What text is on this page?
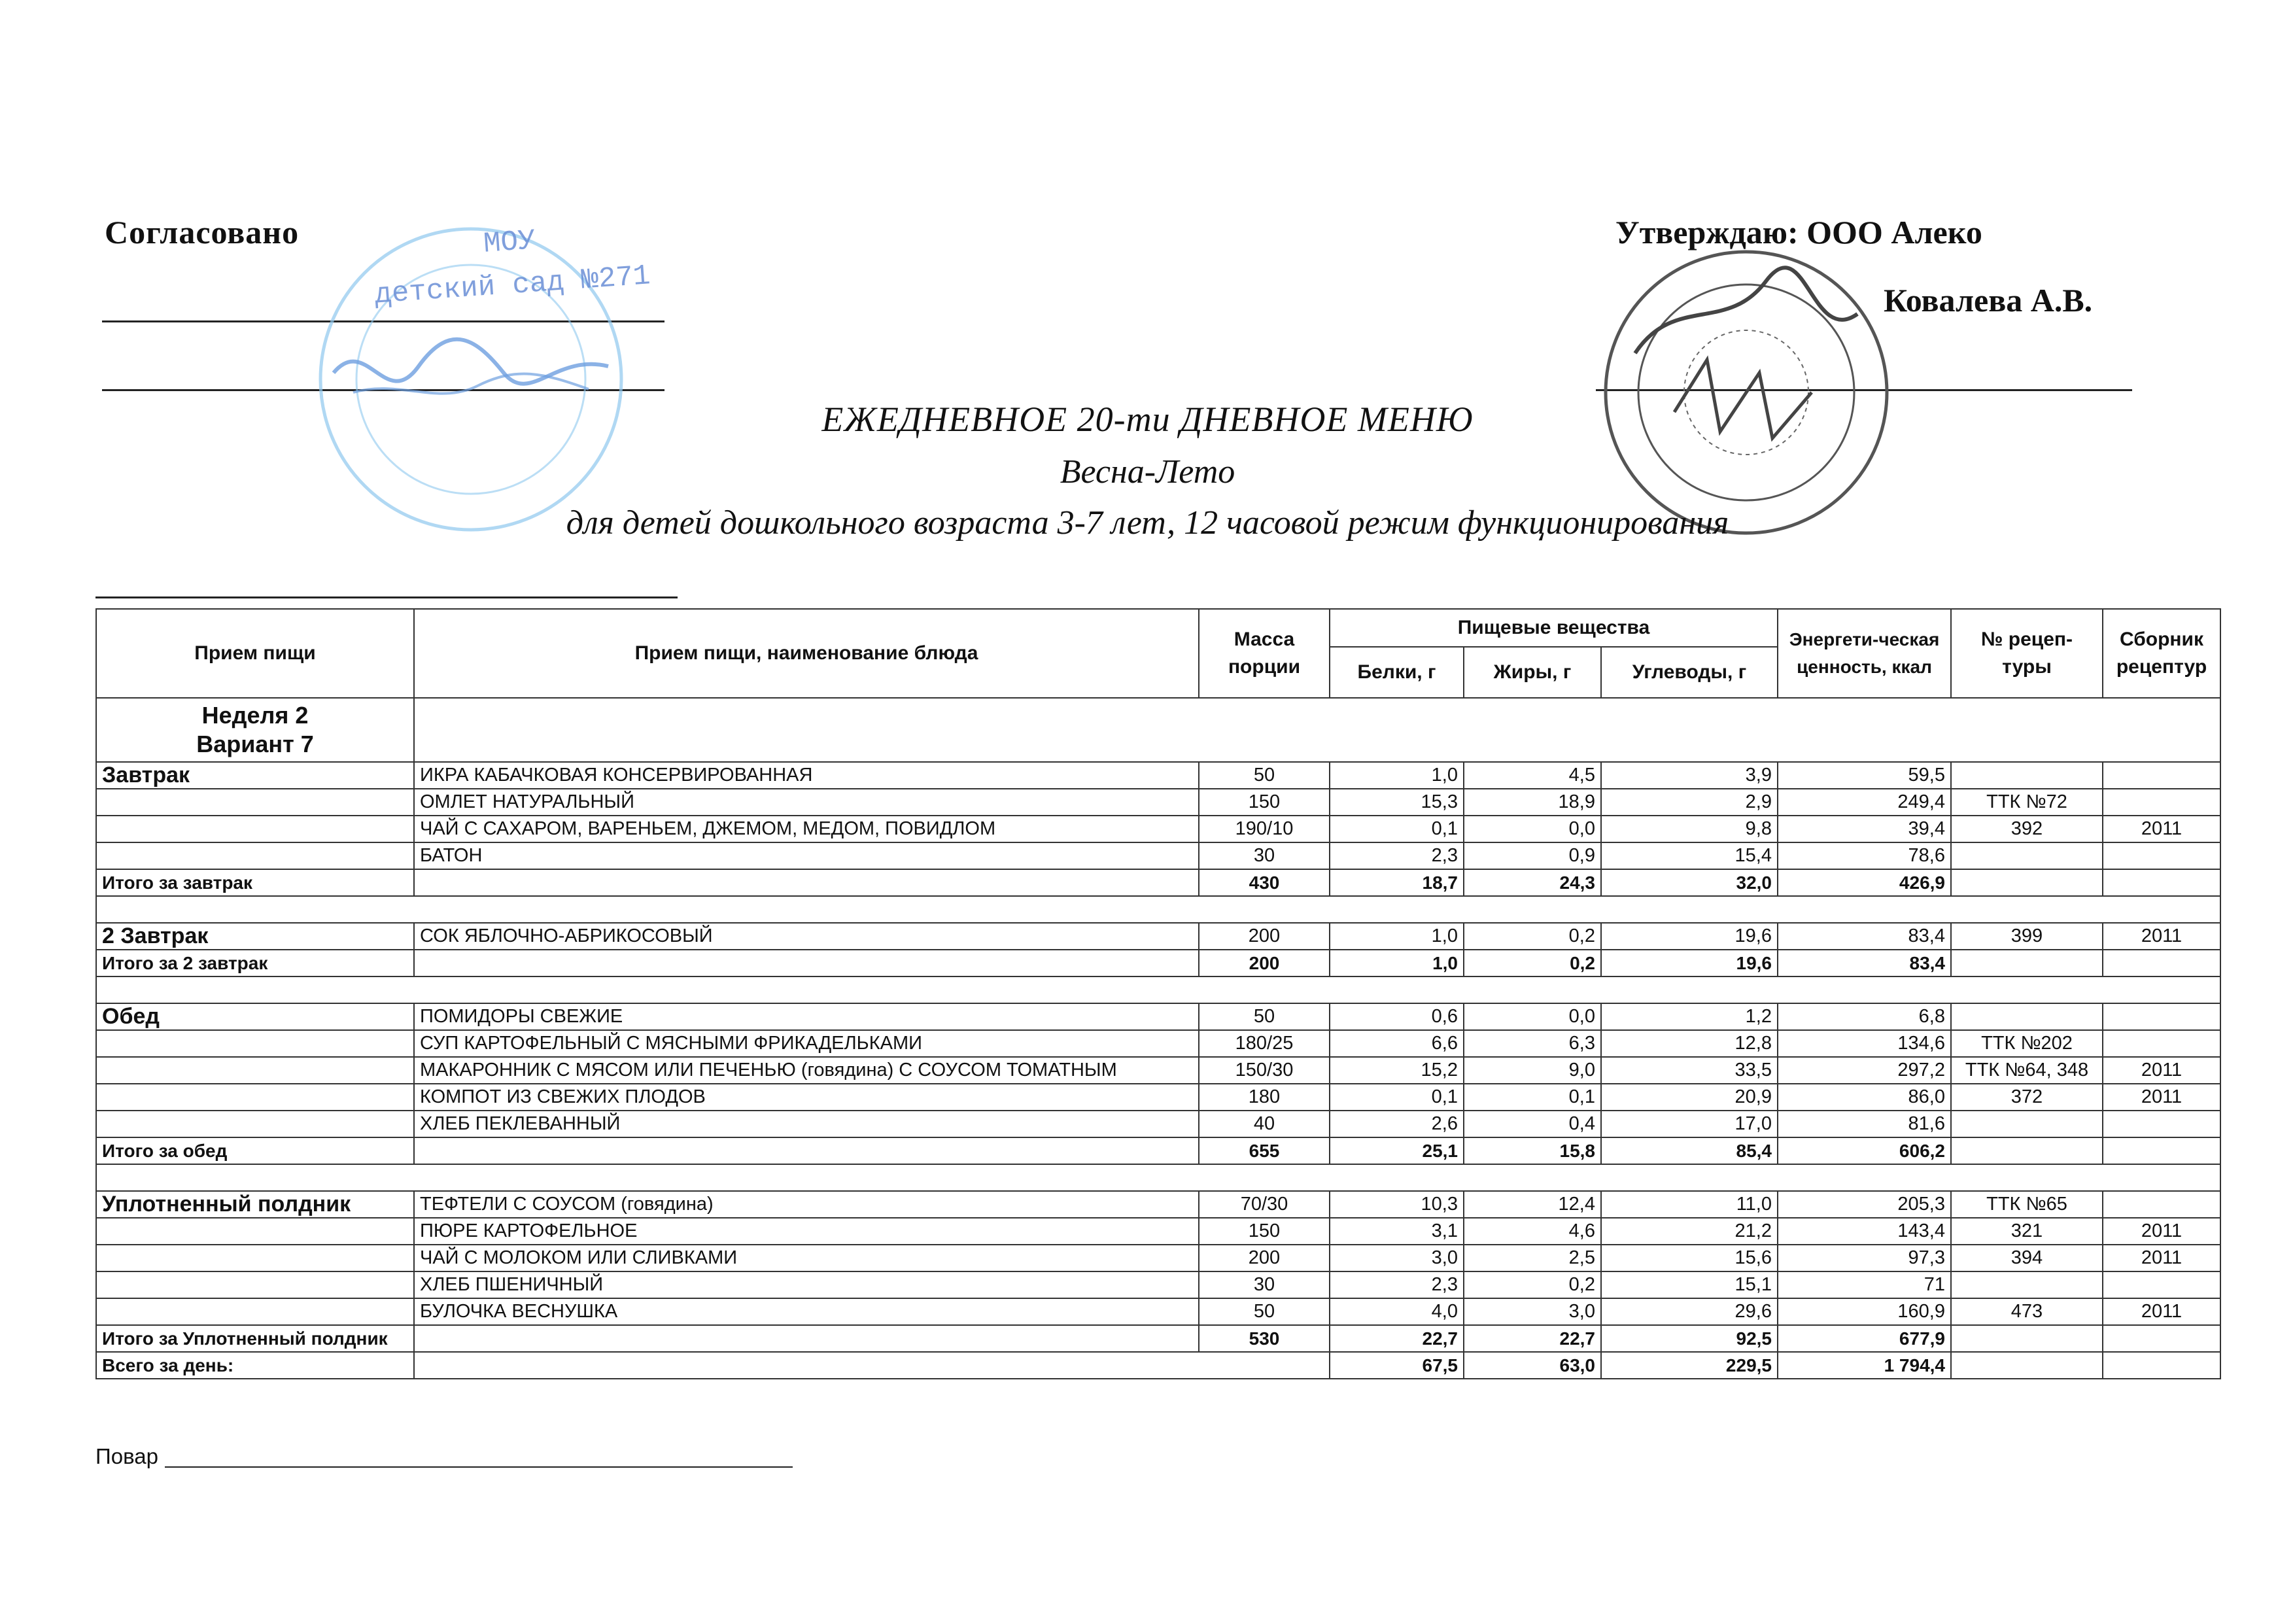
Согласовано	Утверждаю: ООО Алеко
Ковалева А.В.
МОУ
детский сад №271
ЕЖЕДНЕВНОЕ 20-ти ДНЕВНОЕ МЕНЮ
Весна-Лето
для детей дошкольного возраста 3-7 лет, 12 часовой режим функционирования
Прием пищи	Прием пищи, наименование блюда	Масса порции	Пищевые вещества			Энергети-ческая ценность, ккал	№ рецеп-туры	Сборник рецептур
			Белки, г	Жиры, г	Углеводы, г			

Неделя 2
Вариант 7								

Завтрак	ИКРА КАБАЧКОВАЯ КОНСЕРВИРОВАННАЯ	50	1,0	4,5	3,9	59,5		
	ОМЛЕТ НАТУРАЛЬНЫЙ	150	15,3	18,9	2,9	249,4	ТТК №72	
	ЧАЙ С САХАРОМ, ВАРЕНЬЕМ, ДЖЕМОМ, МЕДОМ, ПОВИДЛОМ	190/10	0,1	0,0	9,8	39,4	392	2011
	БАТОН	30	2,3	0,9	15,4	78,6		
Итого за завтрак		430	18,7	24,3	32,0	426,9		

2 Завтрак	СОК ЯБЛОЧНО-АБРИКОСОВЫЙ	200	1,0	0,2	19,6	83,4	399	2011
Итого за 2 завтрак		200	1,0	0,2	19,6	83,4		

Обед	ПОМИДОРЫ СВЕЖИЕ	50	0,6	0,0	1,2	6,8		
	СУП КАРТОФЕЛЬНЫЙ С МЯСНЫМИ ФРИКАДЕЛЬКАМИ	180/25	6,6	6,3	12,8	134,6	ТТК №202	
	МАКАРОННИК С МЯСОМ ИЛИ ПЕЧЕНЬЮ (говядина) С СОУСОМ ТОМАТНЫМ	150/30	15,2	9,0	33,5	297,2	ТТК №64, 348	2011
	КОМПОТ ИЗ СВЕЖИХ ПЛОДОВ	180	0,1	0,1	20,9	86,0	372	2011
	ХЛЕБ ПЕКЛЕВАННЫЙ	40	2,6	0,4	17,0	81,6		
Итого за обед		655	25,1	15,8	85,4	606,2		

Уплотненный полдник	ТЕФТЕЛИ С СОУСОМ (говядина)	70/30	10,3	12,4	11,0	205,3	ТТК №65	
	ПЮРЕ КАРТОФЕЛЬНОЕ	150	3,1	4,6	21,2	143,4	321	2011
	ЧАЙ С МОЛОКОМ ИЛИ СЛИВКАМИ	200	3,0	2,5	15,6	97,3	394	2011
	ХЛЕБ ПШЕНИЧНЫЙ	30	2,3	0,2	15,1	71		
	БУЛОЧКА ВЕСНУШКА	50	4,0	3,0	29,6	160,9	473	2011
Итого за Уплотненный полдник		530	22,7	22,7	92,5	677,9		
Всего за день:			67,5	63,0	229,5	1 794,4		
Повар
